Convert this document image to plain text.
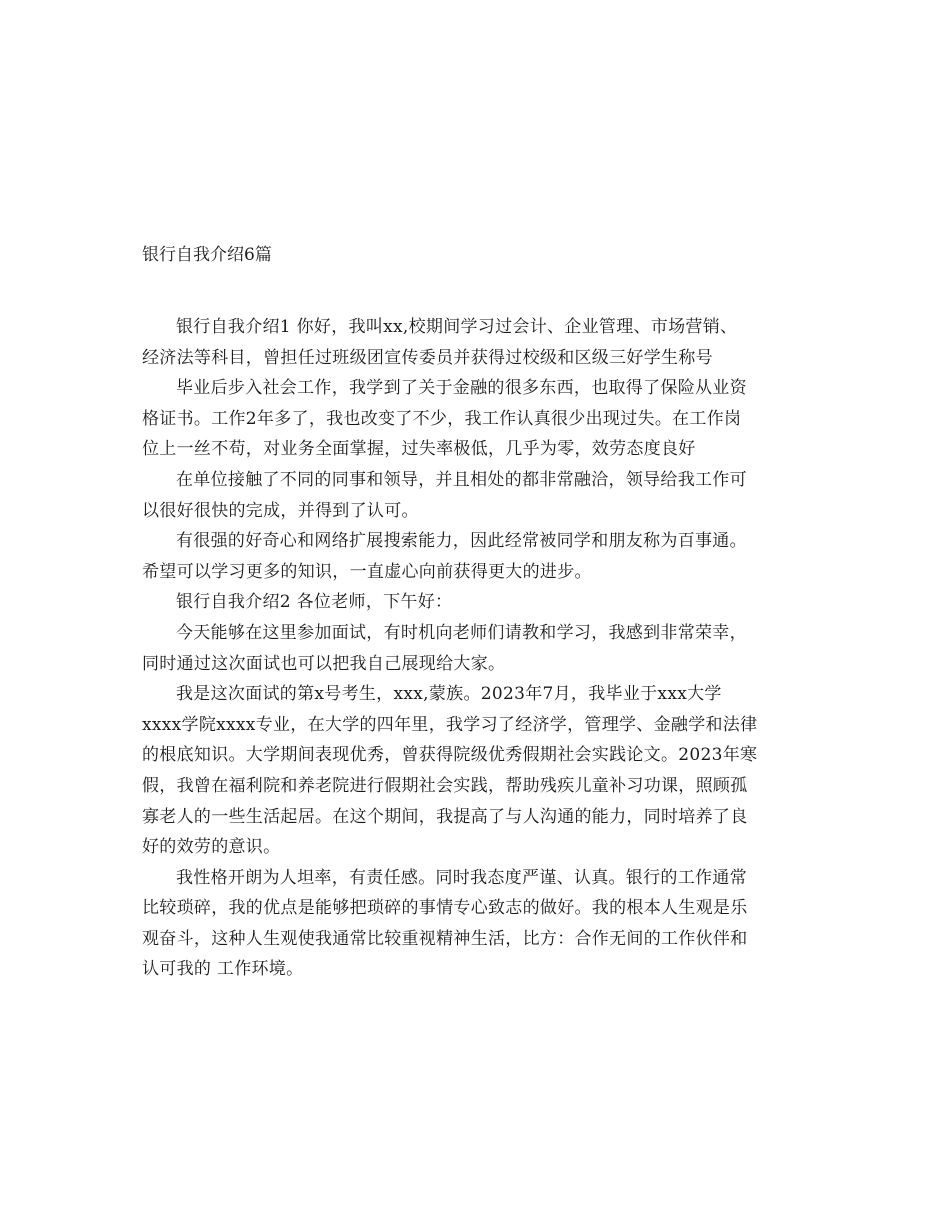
银行自我介绍6篇

银行自我介绍1 你好，我叫xx,校期间学习过会计、企业管理、市场营销、
经济法等科目，曾担任过班级团宣传委员并获得过校级和区级三好学生称号

毕业后步入社会工作，我学到了关于金融的很多东西，也取得了保险从业资
格证书。工作2年多了，我也改变了不少，我工作认真很少出现过失。在工作岗
位上一丝不苟，对业务全面掌握，过失率极低，几乎为零，效劳态度良好

在单位接触了不同的同事和领导，并且相处的都非常融洽，领导给我工作可
以很好很快的完成，并得到了认可。

有很强的好奇心和网络扩展搜索能力，因此经常被同学和朋友称为百事通。
希望可以学习更多的知识，一直虚心向前获得更大的进步。

银行自我介绍2 各位老师，下午好：

今天能够在这里参加面试，有时机向老师们请教和学习，我感到非常荣幸，
同时通过这次面试也可以把我自己展现给大家。

我是这次面试的第x号考生，xxx,蒙族。2023年7月，我毕业于xxx大学
xxxx学院xxxx专业，在大学的四年里，我学习了经济学，管理学、金融学和法律
的根底知识。大学期间表现优秀，曾获得院级优秀假期社会实践论文。2023年寒
假，我曾在福利院和养老院进行假期社会实践，帮助残疾儿童补习功课，照顾孤
寡老人的一些生活起居。在这个期间，我提高了与人沟通的能力，同时培养了良
好的效劳的意识。

我性格开朗为人坦率，有责任感。同时我态度严谨、认真。银行的工作通常
比较琐碎，我的优点是能够把琐碎的事情专心致志的做好。我的根本人生观是乐
观奋斗，这种人生观使我通常比较重视精神生活，比方：合作无间的工作伙伴和
认可我的 工作环境。
